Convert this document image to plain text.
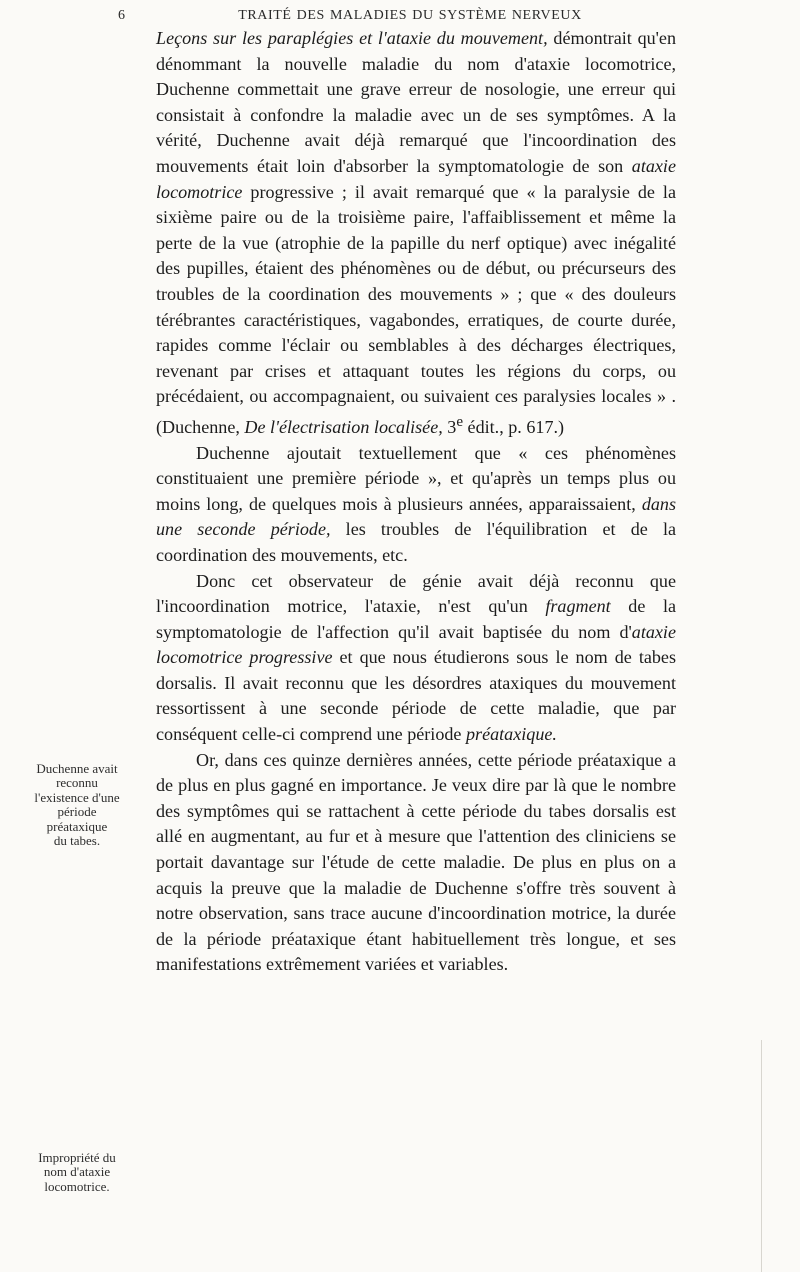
6	TRAITÉ DES MALADIES DU SYSTÈME NERVEUX
Duchenne avait
reconnu
l'existence d'une
période
préataxique
du tabes.
Impropriété du
nom d'ataxie
locomotrice.

Leçons sur les paraplégies et l'ataxie du mouvement, démontrait qu'en dénommant la nouvelle maladie du nom d'ataxie locomotrice, Duchenne commettait une grave erreur de nosologie, une erreur qui consistait à confondre la maladie avec un de ses symptômes. A la vérité, Duchenne avait déjà remarqué que l'incoordination des mouvements était loin d'absorber la symptomatologie de son ataxie locomotrice progressive ; il avait remarqué que « la paralysie de la sixième paire ou de la troisième paire, l'affaiblissement et même la perte de la vue (atrophie de la papille du nerf optique) avec inégalité des pupilles, étaient des phénomènes ou de début, ou précurseurs des troubles de la coordination des mouvements » ; que « des douleurs térébrantes caractéristiques, vagabondes, erratiques, de courte durée, rapides comme l'éclair ou semblables à des décharges électriques, revenant par crises et attaquant toutes les régions du corps, ou précédaient, ou accompagnaient, ou suivaient ces paralysies locales » . (Duchenne, De l'électrisation localisée, 3e édit., p. 617.)

Duchenne ajoutait textuellement que « ces phénomènes constituaient une première période », et qu'après un temps plus ou moins long, de quelques mois à plusieurs années, apparaissaient, dans une seconde période, les troubles de l'équilibration et de la coordination des mouvements, etc.

Donc cet observateur de génie avait déjà reconnu que l'incoordination motrice, l'ataxie, n'est qu'un fragment de la symptomatologie de l'affection qu'il avait baptisée du nom d'ataxie locomotrice progressive et que nous étudierons sous le nom de tabes dorsalis. Il avait reconnu que les désordres ataxiques du mouvement ressortissent à une seconde période de cette maladie, que par conséquent celle-ci comprend une période préataxique.

Or, dans ces quinze dernières années, cette période préataxique a de plus en plus gagné en importance. Je veux dire par là que le nombre des symptômes qui se rattachent à cette période du tabes dorsalis est allé en augmentant, au fur et à mesure que l'attention des cliniciens se portait davantage sur l'étude de cette maladie. De plus en plus on a acquis la preuve que la maladie de Duchenne s'offre très souvent à notre observation, sans trace aucune d'incoordination motrice, la durée de la période préataxique étant habituellement très longue, et ses manifestations extrêmement variées et variables.
